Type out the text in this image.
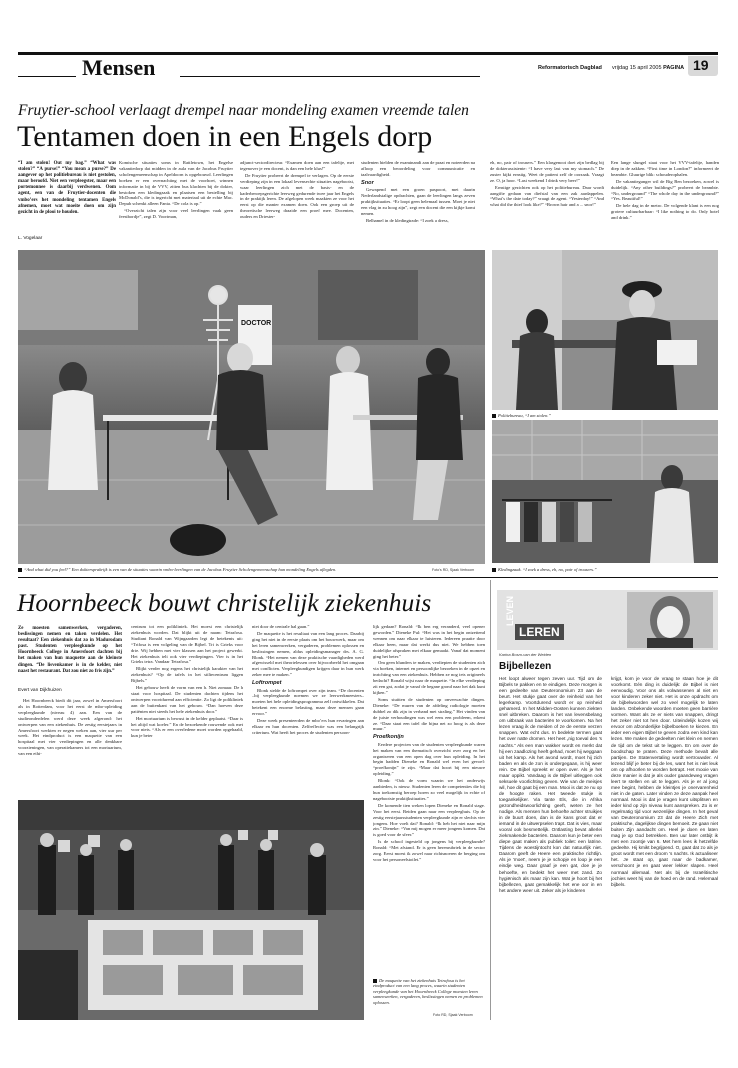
Mensen	Reformatorisch Dagblad vrijdag 15 april 2005 PAGINA 19
Fruytier-school verlaagt drempel naar mondeling examen vreemde talen
Tentamen doen in een Engels dorp
“I am stolen! Out my bag.” “What was stolen?” “A purse!” “You mean a purse?” De aangever op het politiebureau is niet gestolen, maar beroofd. Niet een verpleegster, maar een portemonnee is daarbij verdwenen. Oom agent, een van de Fruytier-docenten die vmbo’ers het mondeling tentamen Engels afnemen, moet wat moeite doen om zijn gezicht in de plooi te houden.
L. Vogelaar

Komische situaties soms in Rattletown, het Engelse vakantiedorp dat midden in de aula van de Jacobus Fruytier scholengemeenschap in Apeldoorn is opgebouwd. Leerlingen boeken er een overnachting met de voorhoet, winnen informatie in bij de VVV, zitten bus klachten bij de dokter, bestoken een kledingzaak en plaatsen een bestelling bij McDonald’s, die is ingericht met materiaal uit de echte Mac. Depub schenkt alleen Fanta. “De cola is op.”

“Overzicht talen zijn voor veel leerlingen vaak geen feestbordje”, zegt D. Voortman,

adjunct-sectordirecteur. “Examen doen aan een tafeltje, met tegenover je een docent, is dan een hele klus!”

De Fruytier probeert de drempel te verlagen. Op de eerste verdieping zijn in een lokaal levensechte situaties nagebootst, waar leerlingen zich met de basis- en de kaderberoepsgerichte leerweg gedurende twee jaar het Engels in de praktijk leren. De afgelopen week maakten ze voor het eerst op die manier examen doen. Ook een groep uit de theoretische leerweg draaide een proef mee. Docenten, ouders en Driester-

studenten hielden de examinandi aan de praat en noteerden na afloop een beoordeling voor communicatie en taalvaardigheid.

Snor

Gewapend met een groen paspoort, met daarin Nederlandstalige opdrachten, gaan de leerlingen langs zeven praktijksituaties. “Er loopt geen helemaal tussen. Moet je niet een vlag in zu hoog zijn”, zegt een docent die een kijkje komt nemen.

Belhamel in de kledingtrade: “I zoek a dress,

eh, no, pair of trousers.” Een klasgenoot doet zijn bedlag bij de dokterassistente: “I have very last van my stomach.” De zuster kijkt ernstig. Weet de patient zelf de oorzaak. Vraagt ze. O, ja hoor. “Last weekend I drink very beer!”

Ernstige gezichten ook op het politiebureau. Daar wordt aangifte gedaan van diefstal van een zak aardappelen. “What’s the date today?” vraagt de agent. “Yesterday!” “And what did the thief look like?” “Brown hair and a ... snor!”

Een lange slungel staat voor het VVV-tafeltje, handen diep in de zakken. “First time in London?” informeert de beambte. Gluurige blik: schouderophalen.

De vakantieganger wil de Big Ben bezoeken, zowel is duidelijk. “Any other buildings?” probeert de beambte. “No, underground” “The whole day in the underground?” “Yes. Beautiful!”

De hele dag in de metro. De volgende klant is een nog grotere cultuurbarbaar: “I like nothing to do. Only hotel and drink.”

DOCTOR
“And what did you feel?” Een doktersprakrijk is een van de situaties waarin vmbo-leerlingen van de Jacobus Fruytier Scholengemeenschap hun mondeling Engels aflegden.	Foto’s RD, Sjaak Verboom
Politiebureau, “I am stolen.”
Kledingzaak. “I zoek a dress, eh, no, pair of trousers.”
Hoornbeeck bouwt christelijk ziekenhuis
Ze moesten samenwerken, vergaderen, beslissingen nemen en taken verdelen. Het resultaat? Een ziekenhuis dat zo in Madurodam past. Studenten verpleegkunde op het Hoornbeeck College in Amersfoort dachten bij het maken van hun maquette aan de kleinste dingen. “De lisvenkamer is in de kelder, niet naast het restaurant. Dat zou niet zo fris zijn.”
Evert van Dijkhuizen

Het Hoornbeeck biedt dit jaar, zowel in Amersfoort als in Rotterdam, voor het eerst de mbo-opleiding verpleegkunde (niveau 4) aan. Een van de studieonderdelen werd deze week afgerond: het ontwerpen van een ziekenhuis. De zestig eerstejaars in Amersfoort werkten er negen weken aan, vier uur per week. Het eindproduct is een maquette van een hospitaal met vier verdiepingen en alle denkbare voorzieningen, van operatiekamers tot een mortuarium, van een ethi-

centrum tot een polikliniek. Het moest een christelijk ziekenhuis worden. Dat blijkt uit de naam: Tetrafosa. Studiant Ronald van Wijngaarden legt de betekenis uit: “Trifosa is een volgeling van de Bijbel. Tri is Grieks voor drie. Wij hebben met vier klassen aan het project gewerkt. Het ziekenhuis telt ook vier verdiepingen. Vier is in het Grieks tetra. Vandaar Tetrafosa.”

Blijkt verder nog ergens het christelijk karakter van het ziekenhuis? “Op de tafels in het stiltecentrum liggen Bijbels.”

Het gebouw heeft de vorm van een h. Niet zomaar. De h staat voor hospitaal. De studenten dachten tijdens het ontwerpen voortdurend aan efficientie. Zo ligt de polikliniek aan de buitenkant van het gebouw. “Dan hoeven deze patiënten niet steeds het hele ziekenhuis door.”

Het mortuarium is bewust in de kelder geplaatst. “Daar is het altijd wat koeler.” En de bezoekende rouwende ook met voor niets. “Als er een overledene moet worden opgehaald, kun je beter

niet door de centrale hal gaan.”

De maquette is het resultaat van een lang proces. Daarbij ging het niet in de eerste plaats om het bouwwerk, maar om het leren samenwerken, vergaderen, problemen oplossen en beslissingen nemen, aldus opleidingsmanager drs. A. G. Blonk. “Het nemen van deze praktische vaardigheden werd afgewisseld met theorielessen over bijvoorbeeld het omgaan met conflicten. Verpleegkundigen krijgen daar in hun werk zeker mee te maken.”

Loftrompet

Blonk stelde de loftrompet over zijn team. “De docenten –bij verpleegkunde noemen we ze leerwerkmeesters– moeten het hele opleidingsprogramma zelf ontwikkelen. Dat betekent een enorme belasting, maar deze mensen gaan ervoor.”

Deze week presenteerden de mbo’ers hun ervaringen aan elkaar en hun docenten. Zelfreflectie was een belangrijk criterium. Wat heeft het proces de studenten persoon-

lijk gedaan? Ronald: “Ik ben erg veranderd, veel opener geworden.” Dieneke Pul: “Het was in het begin ontzettend wennen om naar elkaar te luisteren. Iedereen praatte door elkaar heen, maar dat werkt dus niet. We hebben toen duidelijke afspraken met elkaar gemaakt. Vanaf dat moment ging het beter.”

Om geen blunders te maken, verdiepten de studenten zich via boeken, internet en persoonlijke bezoeken in de opzet en inrichting van een ziekenhuis. Hebben ze nog iets origineels bedacht? Ronald wijst naar de maquette. “In elke verdieping zit een gat, zodat je vanaf de begane grond naar het dak kunt kijken.”

Soms stuitten de studenten op onverwachte dingen. Dieneke: “De muren van de afdeling radiologie moeten dubbel zo dik zijn in verband met straling.” Het vinden van de juiste verhoudingen was wel eens een probleem, erkent ze. “Daar staat een tafel die bijna net zo hoog is als deze muur.”

Proefkonijn

Eerdere projecten van de studenten verpleegkunde waren het maken van een thematisch overzicht over zorg en het organiseren van een open dag over hun opleiding. In het begin hadden Dieneke en Ronald wel even het gevoel: “proefkonijn” te zijn. “Maar dat hoort bij een nieuwe opleiding.”

Blonk: “Ook de vorm waarin we het onderwijs aanbieden, is nieuw. Studenten leren de competenties die bij hun toekomstig beroep horen zo veel mogelijk in echte of nagebootste praktijksituaties.”

De komende tien weken lopen Dieneke en Ronald stage. Voor het eerst. Beiden gaan naar een verpleeghuis. Op de zestig eerstejaarsstudenten verpleegkunde zijn er slechts vier jongens. Hoe voelt dat? Ronald: “Ik heb het niet naar mijn zin.” Dieneke: “Van mij mogen er meer jongens komen. Dat is goed voor de sfeer.”

Is de school ingesteld op jongens bij verpleegkunde? Ronald: “Met afstand. Er is geen herenrubriek in de sector zorg. Eerst moest ik zowel naar richtsnoeren de berging om voor het personeelstoilet.”

De maquette van het ziekenhuis Tetrafosa is het eindproduct van een lang proces, waarin studenten verpleegkunde van het Hoornbeeck College moesten leren samenwerken, vergaderen, beslissingen nemen en problemen oplossen.
Foto RD, Sjaak Verboom
LEVEN
LEREN
Karina Bosm-van der Weiden
Bijbellezen

Het loopt alweer tegen zeven uur. Tijd om de Bijbels te pakken en te eindigen. Deze morgen is een gedeelte van Deuteronomium 23 aan de beurt. Het stukje gaat over de reinheid van het legerkamp. Voortdurend wordt er op reinheid gehamerd. In het Midden-Oosten kunnen ziekten snel uitbreken. Daarom is het van levensbelang om uitbraak van bacteriën te voorkomen. Na het lezen vraag ik de meiden of ze de eerste verzen snappen. Wat echt dus. In bedekte termen gaat het over natte dromen. Het heet „nig toeval des ’s nachts.” Als een man wakker wordt en merkt dat hij een zaadlozing heeft gehad, moet hij weggaan uit het kamp. Als het avond wordt, moet hij zich baden en als de zon is ondergegaan, is hij weer rein. De Bijbel spreekt er open over. Als je het maar oppikt. Vandaag is de Bijbel uitleggen ook seksuele voorlichting geven. Wie van de meisjes wil, hoe dit gaat bij een man. Mooi is dat ze nu op de hoogte raken. Het tweede stukje is toegankelijker. Via tante Els, die in Afrika gezondheidswoorlichting geeft, weten ze het nodige. Als mensen hun behoefte achter struikjes in de buurt doen, dan is de kans groot dat er iemand in de uitwerpselen trapt. Dat is vies, maar vooral ook besmettelijk. Ontlasting bevat allerlei ziekmakende bacteriën. Daarom kun je beter een diepe gaat maken als publiek toilet: een latrine. Tijdens de woestijntocht kon dat natuurlijk niet. Daarom geeft de Heere een praktische richtlijn. Als je ’moet’, neem je je schopje en loop je een eindje weg. Daar graaf je een gat, doe je je behoefte, en bedekt het weer met zand. Zo hygiënisch als maar zijn kan. Wat je hoort bij het bijbellezen, gaat gemakkelijk het ene oor in en het andere weer uit. Zeker als je kinderen

krijgt, kom je voor de vraag te staan hoe je dit voorkomt. Eén ding is duidelijk: de Bijbel is niet eenvoudig. Voor ons als volwassenen al niet en voor kinderen zeker niet. Het is onze opdracht om de bijbelwoorden wel zo veel mogelijk te laten landen. Onbekende woorden moeten geen barrière vormen. Want als ze er niets van snappen, dringt het zeker niet tot hen door. Uiteindelijk kozen wij ervoor om afzonderlijke bijbelboeken te kiezen. En ieder een eigen Bijbel te geven zodra een kind kan lezen. We maken de gedeelten niet klein en nemen de tijd om de tekst uit te leggen. En om over de boodschap te praten. Deze methode bevalt alle partijen. De Statenvertaling wordt vertrouwder. Al lezend blijf je beter bij de les, want het is niet leuk om op afhoorlen te worden betrapt. Het mooie van deze manier is dat je als ouder gaandeweg vragen leert te stellen en uit te leggen. Als je er al jong mee begint, hebben de kleintjes je onervarenheid niet in de gaten. Later vinden ze deze aanpak heel normaal. Mooi is dat je vragen kunt uitsplitsen en ieder kind op zijn niveau kunt aanspreken. Zo is er regelmatig tijd voor wezenlijke dingen. In het geval van Deuteronomium 23 dat de Heere Zich met praktische, dagelijkse dingen bemoeit. Ze gaan niet buiten Zijn aandacht om. Heel je doen en laten mag je op God betrekken. Ben uur later ontbijt ik met een zoontje van 6. Met hem lees ik hetzelfde gedeelte. Hij kmikt begrijpend. O, gaat dat zo als je groot wordt met een droom ’s nachts. Ik actualiseer het. Je staat op, gaat naar de badkamer, verschoont je en gaat weer lekker slapen. Heel normaal allemaal. Net als bij de Israëlitische jochies weet hij van de hoed en de rand. Helemaal bijbels.
